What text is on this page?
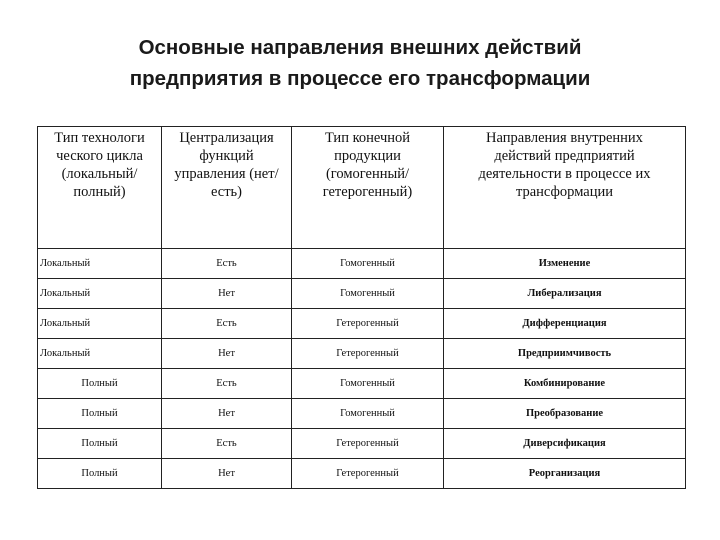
Основные направления внешних действий
предприятия в процессе его трансформации
Тип технологи ческого цикла (локальный/ полный)	Централизация функций управления (нет/есть)	Тип конечной продукции (гомогенный/ гетерогенный)	Направления внутренних действий предприятий деятельности в процессе их трансформации

Локальный	Есть	Гомогенный	Изменение
Локальный	Нет	Гомогенный	Либерализация
Локальный	Есть	Гетерогенный	Дифференциация
Локальный	Нет	Гетерогенный	Предприимчивость
Полный	Есть	Гомогенный	Комбинирование
Полный	Нет	Гомогенный	Преобразование
Полный	Есть	Гетерогенный	Диверсификация
Полный	Нет	Гетерогенный	Реорганизация
